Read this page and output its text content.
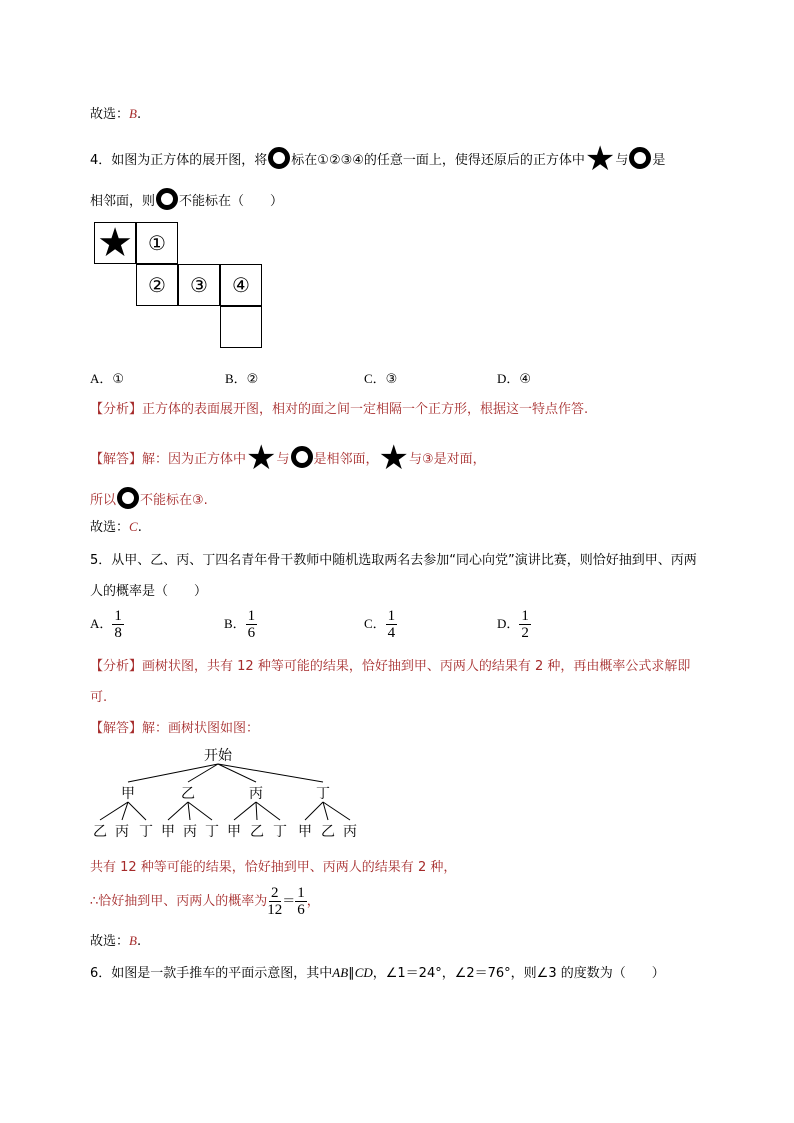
故选：B.
4．如图为正方体的展开图，将 标在①②③④的任意一面上，使得还原后的正方体中★与 是
相邻面，则 不能标在（　　）
★ ①
② ③ ④
A．①	B．②	C．③	D．④
【分析】正方体的表面展开图，相对的面之间一定相隔一个正方形，根据这一特点作答.
【解答】解：因为正方体中★与 是相邻面，★与③是对面，
所以 不能标在③.
故选：C.
5．从甲、乙、丙、丁四名青年骨干教师中随机选取两名去参加“同心向党”演讲比赛，则恰好抽到甲、丙两
人的概率是（　　）
A． $\frac{1}{8}$	B． $\frac{1}{6}$	C． $\frac{1}{4}$	D． $\frac{1}{2}$
【分析】画树状图，共有 12 种等可能的结果，恰好抽到甲、丙两人的结果有 2 种，再由概率公式求解即
可.
【解答】解：画树状图如图：
开始
甲	乙	丙	丁
乙 丙 丁 甲 丙 丁 甲 乙 丁 甲 乙 丙
共有 12 种等可能的结果，恰好抽到甲、丙两人的结果有 2 种，
∴恰好抽到甲、丙两人的概率为 $\frac{2}{12} = \frac{1}{6}$ ，
故选：B.
6．如图是一款手推车的平面示意图，其中AB∥CD，∠1＝24°，∠2＝76°，则∠3 的度数为（　　）
